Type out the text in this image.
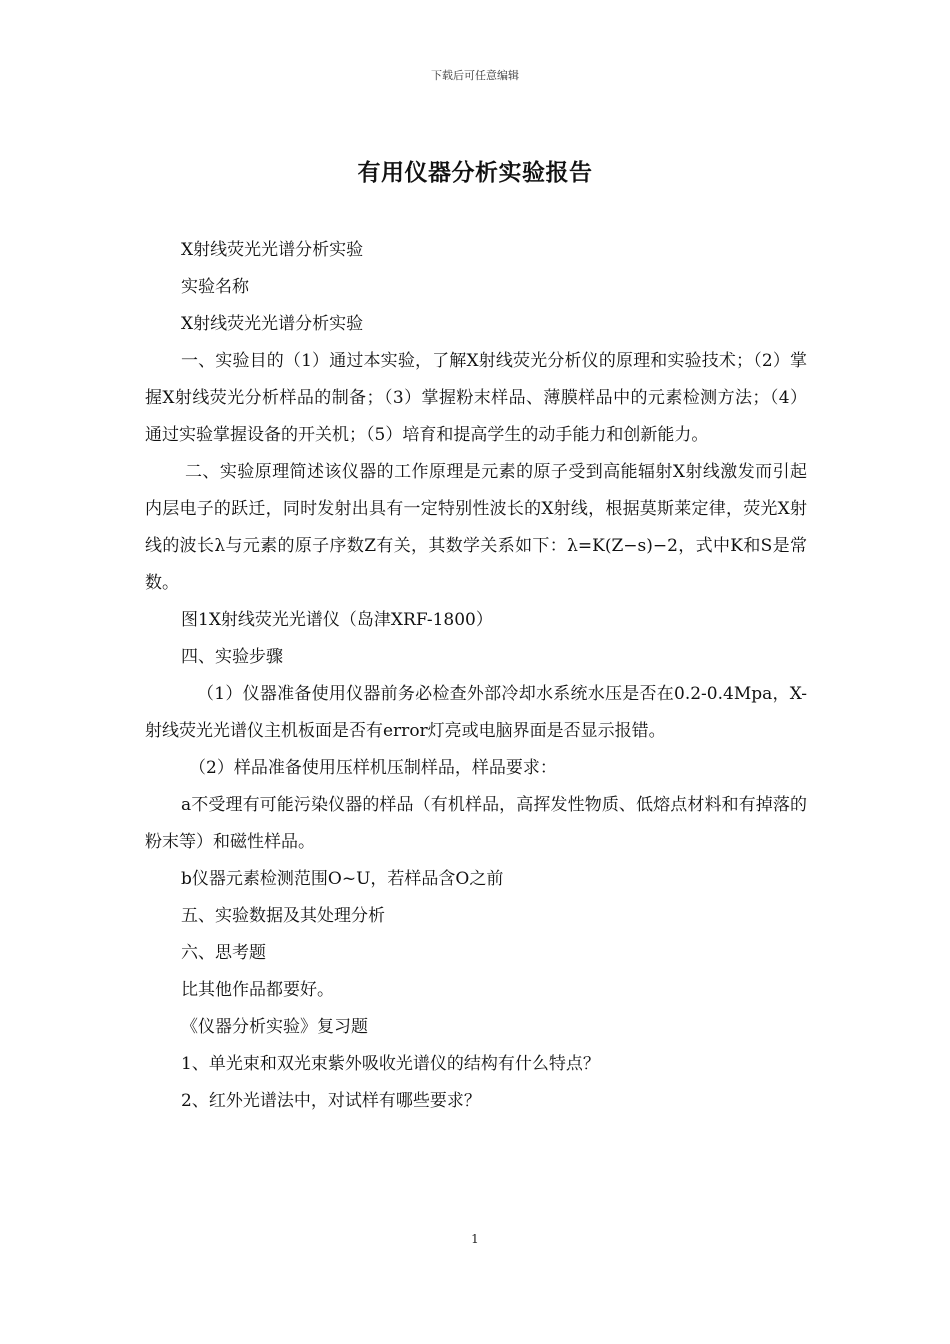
下载后可任意编辑
有用仪器分析实验报告

X射线荧光光谱分析实验

实验名称

X射线荧光光谱分析实验

一、实验目的（1）通过本实验，了解X射线荧光分析仪的原理和实验技术；（2）掌握X射线荧光分析样品的制备；（3）掌握粉末样品、薄膜样品中的元素检测方法；（4）通过实验掌握设备的开关机；（5）培育和提高学生的动手能力和创新能力。

二、实验原理简述该仪器的工作原理是元素的原子受到高能辐射X射线激发而引起内层电子的跃迁，同时发射出具有一定特别性波长的X射线，根据莫斯莱定律，荧光X射线的波长λ与元素的原子序数Z有关，其数学关系如下：λ=K(Z−s)−2，式中K和S是常数。

图1X射线荧光光谱仪（岛津XRF-1800）

四、实验步骤

（1）仪器准备使用仪器前务必检查外部冷却水系统水压是否在0.2-0.4Mpa，X-射线荧光光谱仪主机板面是否有error灯亮或电脑界面是否显示报错。

（2）样品准备使用压样机压制样品，样品要求：

a不受理有可能污染仪器的样品（有机样品，高挥发性物质、低熔点材料和有掉落的粉末等）和磁性样品。

b仪器元素检测范围O~U，若样品含O之前

五、实验数据及其处理分析

六、思考题

比其他作品都要好。

《仪器分析实验》复习题

1、单光束和双光束紫外吸收光谱仪的结构有什么特点？

2、红外光谱法中，对试样有哪些要求？

1
